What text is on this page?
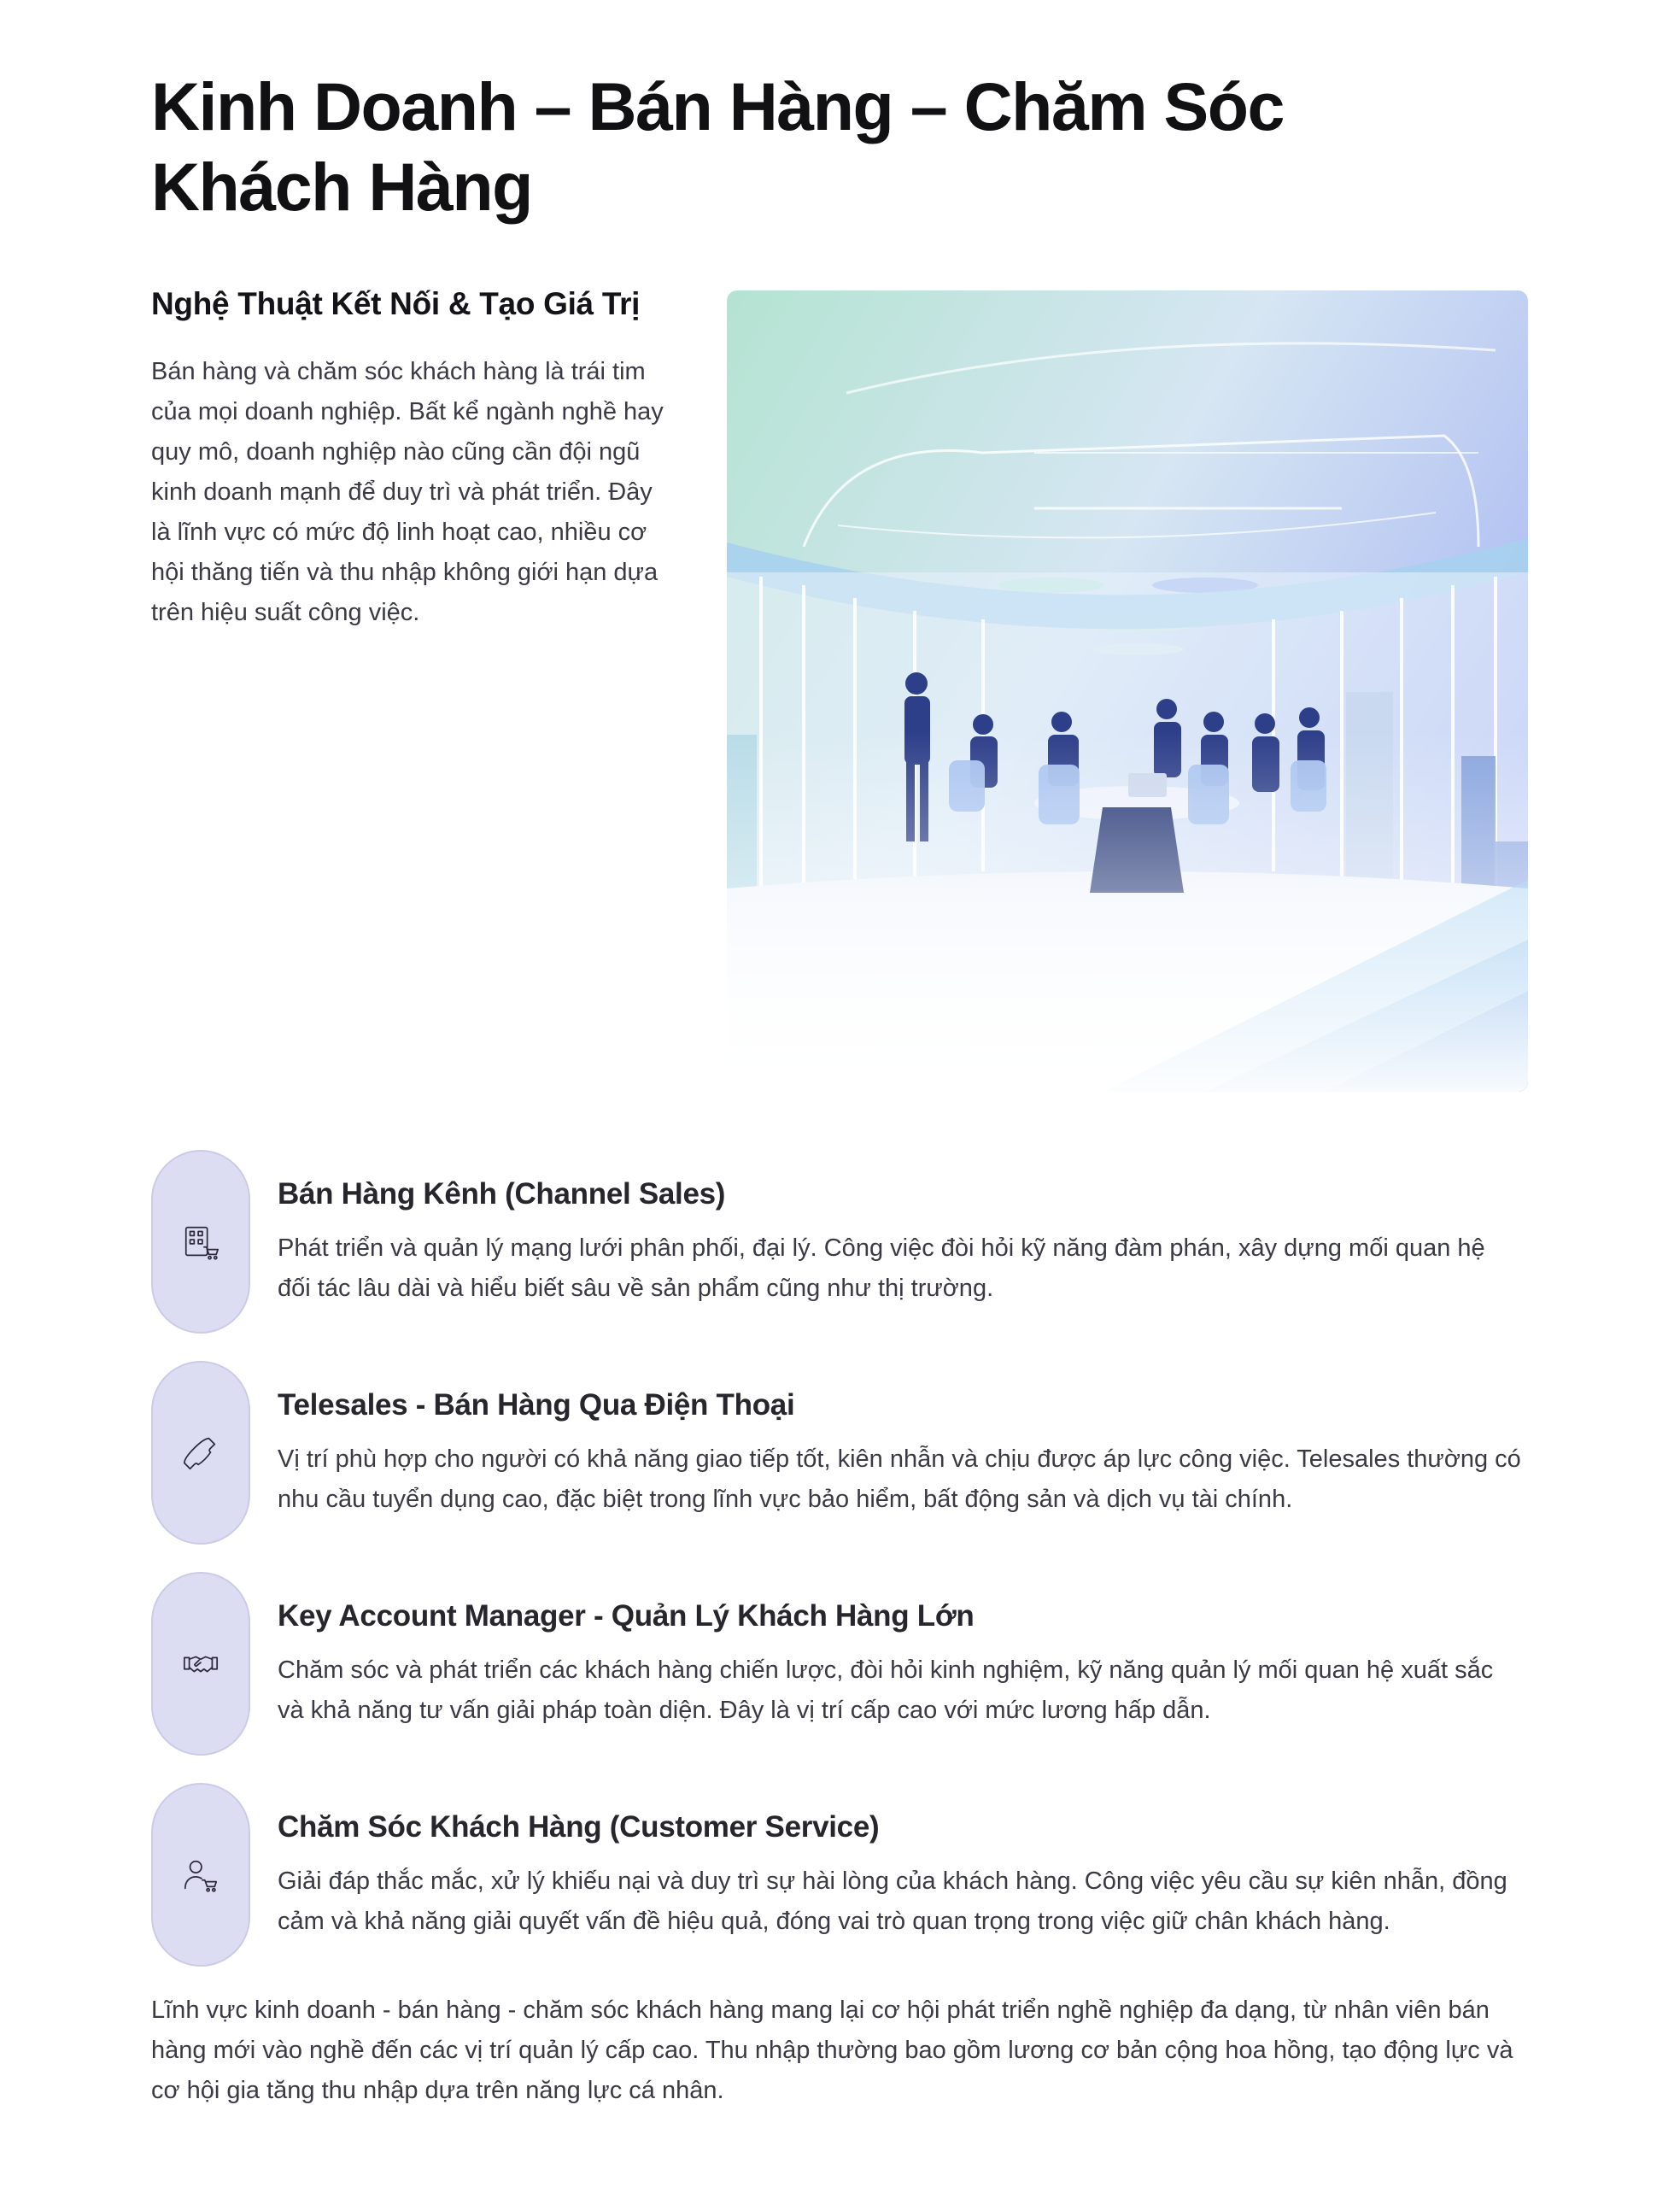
Kinh Doanh – Bán Hàng – Chăm Sóc Khách Hàng
Nghệ Thuật Kết Nối & Tạo Giá Trị

Bán hàng và chăm sóc khách hàng là trái tim của mọi doanh nghiệp. Bất kể ngành nghề hay quy mô, doanh nghiệp nào cũng cần đội ngũ kinh doanh mạnh để duy trì và phát triển. Đây là lĩnh vực có mức độ linh hoạt cao, nhiều cơ hội thăng tiến và thu nhập không giới hạn dựa trên hiệu suất công việc.

Bán Hàng Kênh (Channel Sales)

Phát triển và quản lý mạng lưới phân phối, đại lý. Công việc đòi hỏi kỹ năng đàm phán, xây dựng mối quan hệ đối tác lâu dài và hiểu biết sâu về sản phẩm cũng như thị trường.

Telesales - Bán Hàng Qua Điện Thoại

Vị trí phù hợp cho người có khả năng giao tiếp tốt, kiên nhẫn và chịu được áp lực công việc. Telesales thường có nhu cầu tuyển dụng cao, đặc biệt trong lĩnh vực bảo hiểm, bất động sản và dịch vụ tài chính.

Key Account Manager - Quản Lý Khách Hàng Lớn

Chăm sóc và phát triển các khách hàng chiến lược, đòi hỏi kinh nghiệm, kỹ năng quản lý mối quan hệ xuất sắc và khả năng tư vấn giải pháp toàn diện. Đây là vị trí cấp cao với mức lương hấp dẫn.

Chăm Sóc Khách Hàng (Customer Service)

Giải đáp thắc mắc, xử lý khiếu nại và duy trì sự hài lòng của khách hàng. Công việc yêu cầu sự kiên nhẫn, đồng cảm và khả năng giải quyết vấn đề hiệu quả, đóng vai trò quan trọng trong việc giữ chân khách hàng.

Lĩnh vực kinh doanh - bán hàng - chăm sóc khách hàng mang lại cơ hội phát triển nghề nghiệp đa dạng, từ nhân viên bán hàng mới vào nghề đến các vị trí quản lý cấp cao. Thu nhập thường bao gồm lương cơ bản cộng hoa hồng, tạo động lực và cơ hội gia tăng thu nhập dựa trên năng lực cá nhân.
